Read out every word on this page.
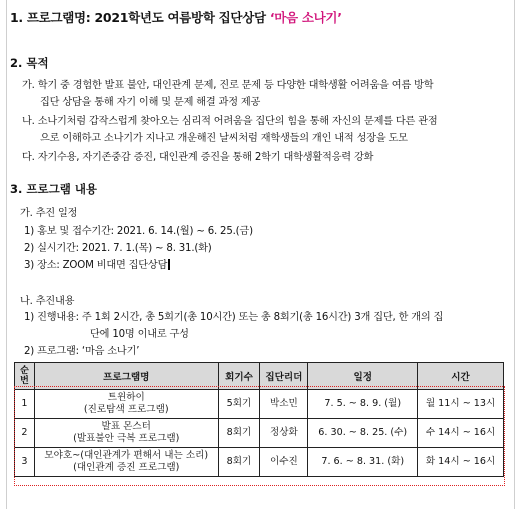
1. 프로그램명: 2021학년도 여름방학 집단상담 ‘마음 소나기’
2. 목적
가. 학기 중 경험한 발표 불안, 대인관계 문제, 진로 문제 등 다양한 대학생활 어려움을 여름 방학
집단 상담을 통해 자기 이해 및 문제 해결 과정 제공
나. 소나기처럼 갑작스럽게 찾아오는 심리적 어려움을 집단의 힘을 통해 자신의 문제를 다른 관점
으로 이해하고 소나기가 지나고 개운해진 날씨처럼 재학생들의 개인 내적 성장을 도모
다. 자기수용, 자기존중감 증진, 대인관계 증진을 통해 2학기 대학생활적응력 강화
3. 프로그램 내용
가. 추진 일정
1) 홍보 및 접수기간: 2021. 6. 14.(월) ~ 6. 25.(금)
2) 실시기간: 2021. 7. 1.(목) ~ 8. 31.(화)
3) 장소: ZOOM 비대면 집단상담
나. 추진내용
1) 진행내용: 주 1회 2시간, 총 5회기(총 10시간) 또는 총 8회기(총 16시간) 3개 집단, 한 개의 집
단에 10명 이내로 구성
2) 프로그램: ‘마음 소나기’
순번	프로그램명	회기수	집단리더	일정	시간
1	트윈하이
(진로탐색 프로그램)	5회기	박소민	7. 5. ~ 8. 9. (월)	월 11시 ~ 13시
2	발표 몬스터
(발표불안 극복 프로그램)	8회기	정상화	6. 30. ~ 8. 25. (수)	수 14시 ~ 16시
3	모야호~(대인관계가 편해서 내는 소리)
(대인관계 증진 프로그램)	8회기	이수진	7. 6. ~ 8. 31. (화)	화 14시 ~ 16시
